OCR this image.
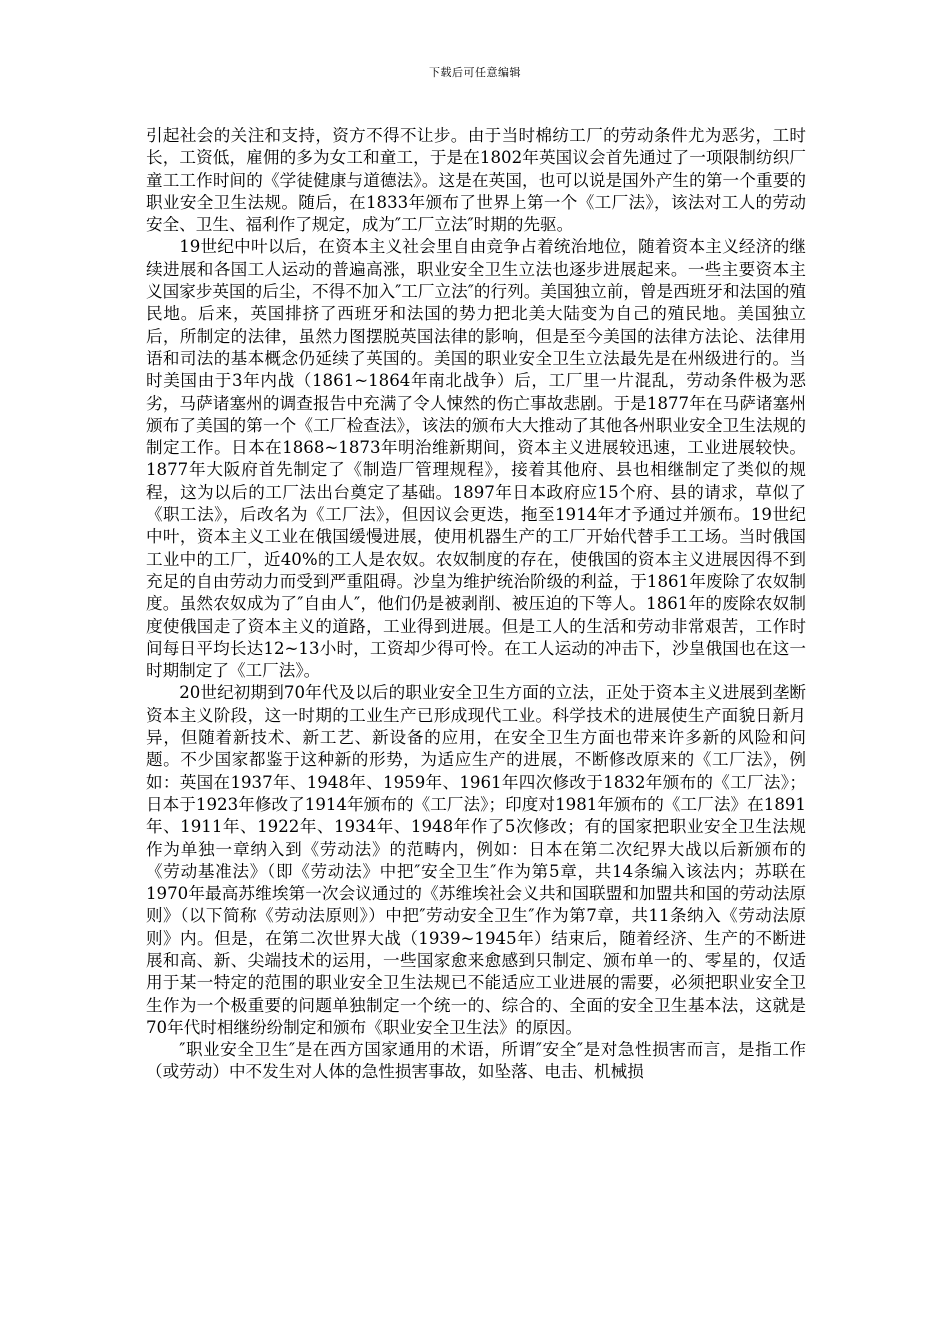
下载后可任意编辑

引起社会的关注和支持，资方不得不让步。由于当时棉纺工厂的劳动条件尤为恶劣，工时长，工资低，雇佣的多为女工和童工，于是在1802年英国议会首先通过了一项限制纺织厂童工工作时间的《学徒健康与道德法》。这是在英国，也可以说是国外产生的第一个重要的职业安全卫生法规。随后，在1833年颁布了世界上第一个《工厂法》，该法对工人的劳动安全、卫生、福利作了规定，成为″工厂立法″时期的先驱。

19世纪中叶以后，在资本主义社会里自由竞争占着统治地位，随着资本主义经济的继续进展和各国工人运动的普遍高涨，职业安全卫生立法也逐步进展起来。一些主要资本主义国家步英国的后尘，不得不加入″工厂立法″的行列。美国独立前，曾是西班牙和法国的殖民地。后来，英国排挤了西班牙和法国的势力把北美大陆变为自己的殖民地。美国独立后，所制定的法律，虽然力图摆脱英国法律的影响，但是至今美国的法律方法论、法律用语和司法的基本概念仍延续了英国的。美国的职业安全卫生立法最先是在州级进行的。当时美国由于3年内战（1861~1864年南北战争）后，工厂里一片混乱，劳动条件极为恶劣，马萨诸塞州的调查报告中充满了令人悚然的伤亡事故悲剧。于是1877年在马萨诸塞州颁布了美国的第一个《工厂检查法》，该法的颁布大大推动了其他各州职业安全卫生法规的制定工作。日本在1868~1873年明治维新期间，资本主义进展较迅速，工业进展较快。1877年大阪府首先制定了《制造厂管理规程》，接着其他府、县也相继制定了类似的规程，这为以后的工厂法出台奠定了基础。1897年日本政府应15个府、县的请求，草似了《职工法》，后改名为《工厂法》，但因议会更迭，拖至1914年才予通过并颁布。19世纪中叶，资本主义工业在俄国缓慢进展，使用机器生产的工厂开始代替手工工场。当时俄国工业中的工厂，近40%的工人是农奴。农奴制度的存在，使俄国的资本主义进展因得不到充足的自由劳动力而受到严重阻碍。沙皇为维护统治阶级的利益，于1861年废除了农奴制度。虽然农奴成为了″自由人″，他们仍是被剥削、被压迫的下等人。1861年的废除农奴制度使俄国走了资本主义的道路，工业得到进展。但是工人的生活和劳动非常艰苦，工作时间每日平均长达12~13小时，工资却少得可怜。在工人运动的冲击下，沙皇俄国也在这一时期制定了《工厂法》。

20世纪初期到70年代及以后的职业安全卫生方面的立法，正处于资本主义进展到垄断资本主义阶段，这一时期的工业生产已形成现代工业。科学技术的进展使生产面貌日新月异，但随着新技术、新工艺、新设备的应用，在安全卫生方面也带来许多新的风险和问题。不少国家都鉴于这种新的形势，为适应生产的进展，不断修改原来的《工厂法》，例如：英国在1937年、1948年、1959年、1961年四次修改于1832年颁布的《工厂法》；日本于1923年修改了1914年颁布的《工厂法》；印度对1981年颁布的《工厂法》在1891年、1911年、1922年、1934年、1948年作了5次修改；有的国家把职业安全卫生法规作为单独一章纳入到《劳动法》的范畴内，例如：日本在第二次纪界大战以后新颁布的《劳动基准法》（即《劳动法》中把″安全卫生″作为第5章，共14条编入该法内；苏联在1970年最高苏维埃第一次会议通过的《苏维埃社会义共和国联盟和加盟共和国的劳动法原则》（以下简称《劳动法原则》）中把″劳动安全卫生″作为第7章，共11条纳入《劳动法原则》内。但是，在第二次世界大战（1939~1945年）结束后，随着经济、生产的不断进展和高、新、尖端技术的运用，一些国家愈来愈感到只制定、颁布单一的、零星的，仅适用于某一特定的范围的职业安全卫生法规已不能适应工业进展的需要，必须把职业安全卫生作为一个极重要的问题单独制定一个统一的、综合的、全面的安全卫生基本法，这就是70年代时相继纷纷制定和颁布《职业安全卫生法》的原因。

″职业安全卫生″是在西方国家通用的术语，所谓″安全″是对急性损害而言，是指工作（或劳动）中不发生对人体的急性损害事故，如坠落、电击、机械损
